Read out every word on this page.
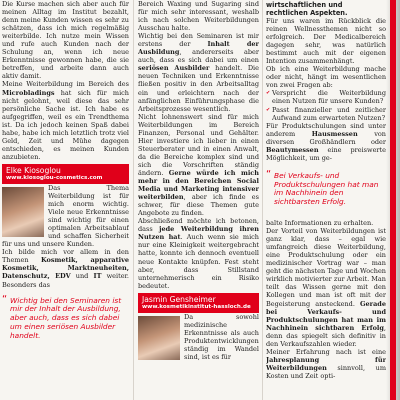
Die Kurse machen sich aber auch für meinen Alltag im Institut bezahlt, denn meine Kunden wissen es sehr zu schätzen, dass ich mich regelmäßig weiterbilde. Ich nutze mein Wissen und rufe auch Kunden nach der Schulung an, wenn ich neue Erkenntnisse gewonnen habe, die sie betreffen, und arbeite dann auch aktiv damit.

Meine Weiterbildung im Bereich des Microbladings hat sich für mich nicht gelohnt, weil diese das sehr persönliche Sache ist. Ich habe es aufgegriffen, weil es ein Trendthema ist. Da ich jedoch keinen Spaß dabei habe, habe ich mich letztlich trotz viel Geld, Zeit und Mühe dagegen entschieden, es meinen Kunden anzubieten.

Elke Kiosoglou
www.kiosoglou-cosmetics.com

Das Thema Weiterbildung ist für mich enorm wichtig. Viele neue Erkenntnisse sind wichtig für einen optimalen Arbeitsablauf und schaffen Sicherheit für uns und unsere Kunden.

Ich bilde mich vor allem in den Themen Kosmetik, apparative Kosmetik, Marktneuheiten, Datenschutz, EDV und IT weiter. Besonders das

“ Wichtig bei den Seminaren ist mir der Inhalt der Ausbildung, aber auch, dass es sich dabei um einen seriösen Ausbilder handelt.

Bereich Waxing und Sugaring sind für mich sehr interessant, weshalb ich nach solchen Weiterbildungen Ausschau halte.

Wichtig bei den Seminaren ist mir erstens der Inhalt der Ausbildung, andererseits aber auch, dass es sich dabei um einen seriösen Ausbilder handelt. Die neuen Techniken und Erkenntnisse fließen positiv in den Arbeitsalltag ein und erleichtern nach der anfänglichen Einführungsphase die Arbeitsprozesse wesentlich.

Nicht lohnenswert sind für mich Weiterbildungen im Bereich Finanzen, Personal und Gehälter. Hier investiere ich lieber in einen Steuerberater und in einen Anwalt, da die Bereiche komplex sind und sich die Vorschriften ständig ändern. Gerne würde ich mich mehr in den Bereichen Social Media und Marketing intensiver weiterbilden, aber ich finde es schwer, für diese Themen gute Angebote zu finden.

Abschließend möchte ich betonen, dass jede Weiterbildung ihren Nutzen hat. Auch wenn sie mich nur eine Kleinigkeit weitergebracht hatte, konnte ich dennoch eventuell neue Kontakte knüpfen. Fest steht aber, dass Stillstand unternehmerisch ein Risiko bedeutet.

Jasmin Gensheimer
www.kosmetikinstitut-hassloch.de

Da sowohl medizinische Erkenntnisse als auch Produktentwicklungen ständig im Wandel sind, ist es für

wirtschaftlichen und rechtlichen Aspekten.

Für uns waren im Rückblick die reinen Wellnessthemen nicht so erfolgreich. Der Medicalbereich dagegen sehr, was natürlich bestimmt auch mit der eigenen Intention zusammenhängt.

Ob ich eine Weiterbildung mache oder nicht, hängt im wesentlichen von zwei Fragen ab:

✔ Verspricht die Weiterbildung einen Nutzen für unsere Kunden?
✔ Passt finanzieller und zeitlicher Aufwand zum erwarteten Nutzen?

Für Produktschulungen sind unter anderem Hausmessen von diversen Großhändlern oder Beautymessen eine preiswerte Möglichkeit, um ge-

“ Bei Verkaufs- und Produktschulungen hat man im Nachhinein den sichtbarsten Erfolg.

balte Informationen zu erhalten.

Der Vorteil von Weiterbildungen ist ganz klar, dass – egal wie umfangreich diese Weiterbildung, eine Produktschulung oder ein medizinischer Vortrag war – man geht die nächsten Tage und Wochen wirklich motivierter zur Arbeit. Man teilt das Wissen gerne mit den Kollegen und man ist oft mit der Begeisterung ansteckend. Gerade bei Verkaufs- und Produktschulungen hat man im Nachhinein sichtbaren Erfolg, denn das spiegelt sich definitiv in den Verkaufszahlen wieder.

Meiner Erfahrung nach ist eine Jahresplanung für Weiterbildungen sinnvoll, um Kosten und Zeit opti-
